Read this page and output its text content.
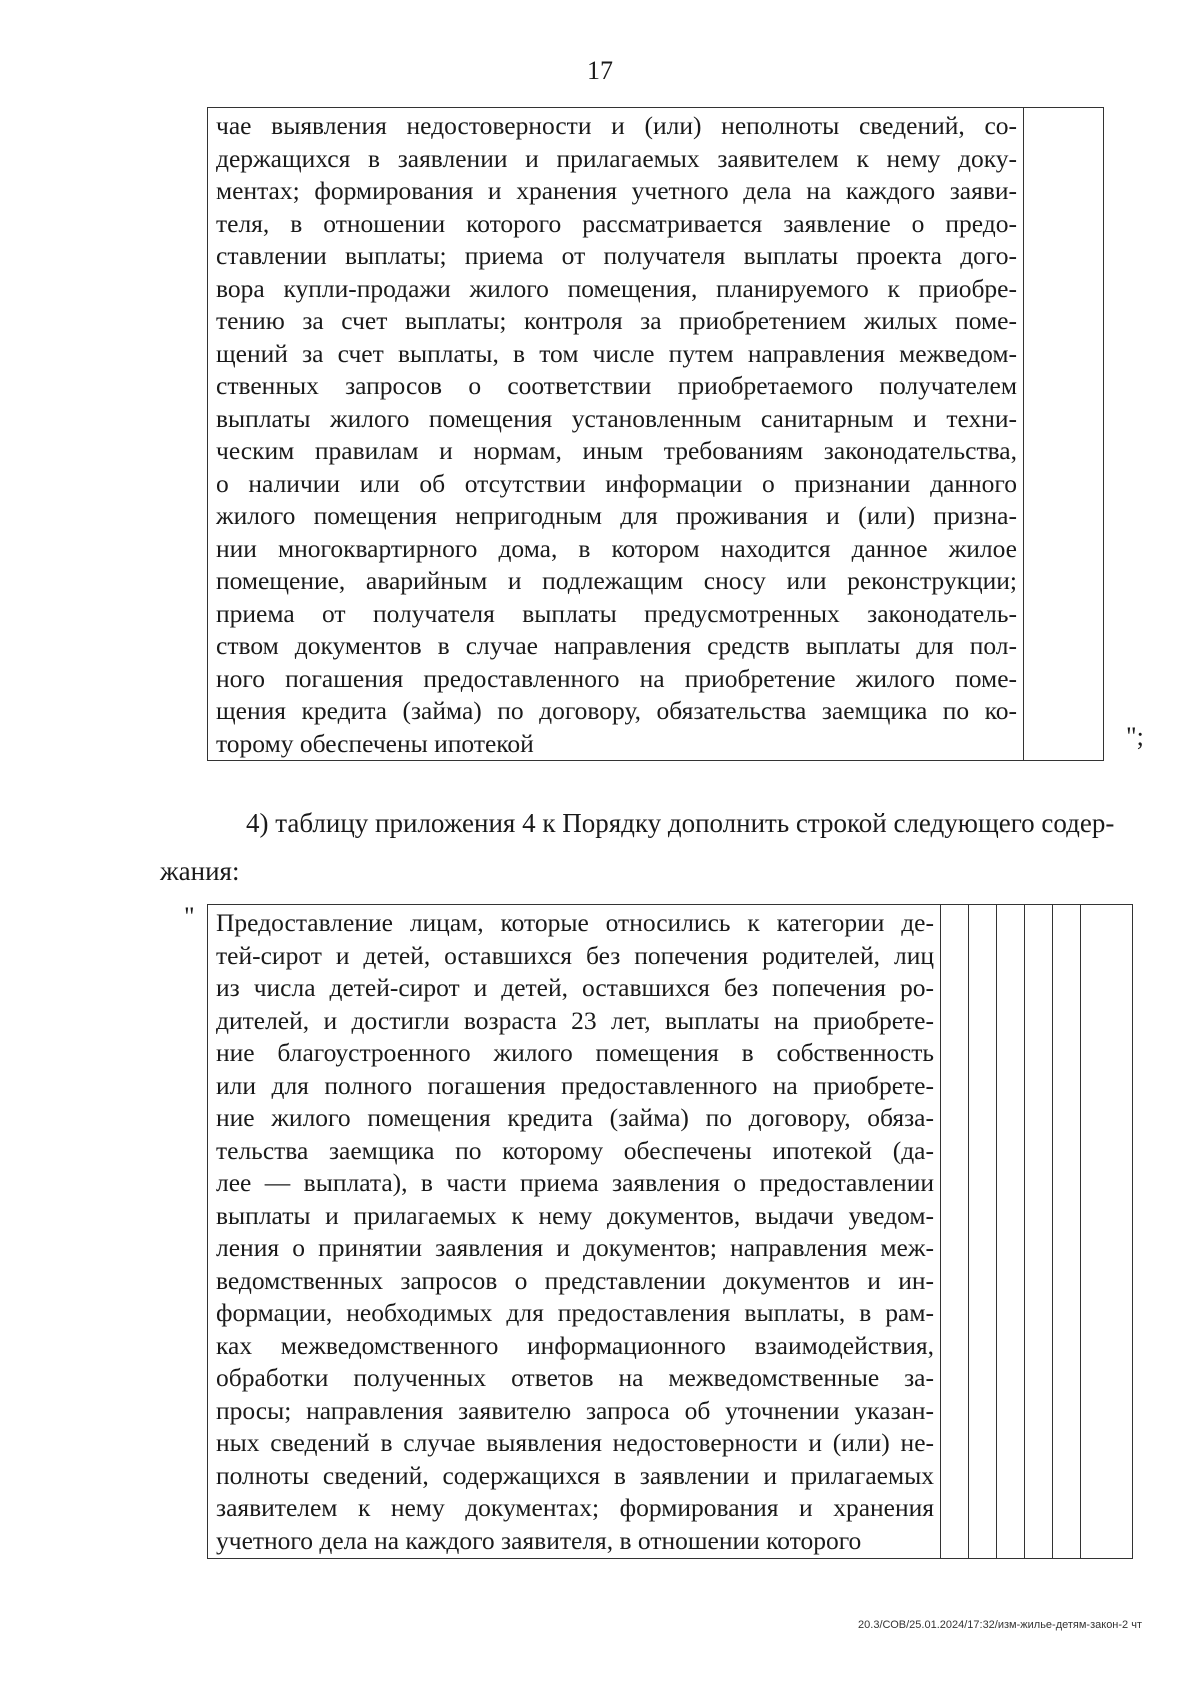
17
чае выявления недостоверности и (или) неполноты сведений, со-
держащихся в заявлении и прилагаемых заявителем к нему доку-
ментах; формирования и хранения учетного дела на каждого заяви-
теля, в отношении которого рассматривается заявление о предо-
ставлении выплаты; приема от получателя выплаты проекта дого-
вора купли-продажи жилого помещения, планируемого к приобре-
тению за счет выплаты; контроля за приобретением жилых поме-
щений за счет выплаты, в том числе путем направления межведом-
ственных запросов о соответствии приобретаемого получателем
выплаты жилого помещения установленным санитарным и техни-
ческим правилам и нормам, иным требованиям законодательства,
о наличии или об отсутствии информации о признании данного
жилого помещения непригодным для проживания и (или) призна-
нии многоквартирного дома, в котором находится данное жилое
помещение, аварийным и подлежащим сносу или реконструкции;
приема от получателя выплаты предусмотренных законодатель-
ством документов в случае направления средств выплаты для пол-
ного погашения предоставленного на приобретение жилого поме-
щения кредита (займа) по договору, обязательства заемщика по ко-
торому обеспечены ипотекой
		";
4) таблицу приложения 4 к Порядку дополнить строкой следующего содер-
жания:
" Предоставление лицам, которые относились к категории де-
тей-сирот и детей, оставшихся без попечения родителей, лиц
из числа детей-сирот и детей, оставшихся без попечения ро-
дителей, и достигли возраста 23 лет, выплаты на приобрете-
ние благоустроенного жилого помещения в собственность
или для полного погашения предоставленного на приобрете-
ние жилого помещения кредита (займа) по договору, обяза-
тельства заемщика по которому обеспечены ипотекой (да-
лее — выплата), в части приема заявления о предоставлении
выплаты и прилагаемых к нему документов, выдачи уведом-
ления о принятии заявления и документов; направления меж-
ведомственных запросов о представлении документов и ин-
формации, необходимых для предоставления выплаты, в рам-
ках межведомственного информационного взаимодействия,
обработки полученных ответов на межведомственные за-
просы; направления заявителю запроса об уточнении указан-
ных сведений в случае выявления недостоверности и (или) не-
полноты сведений, содержащихся в заявлении и прилагаемых
заявителем к нему документах; формирования и хранения
учетного дела на каждого заявителя, в отношении которого

20.3/СОВ/25.01.2024/17:32/изм-жилье-детям-закон-2 чт
